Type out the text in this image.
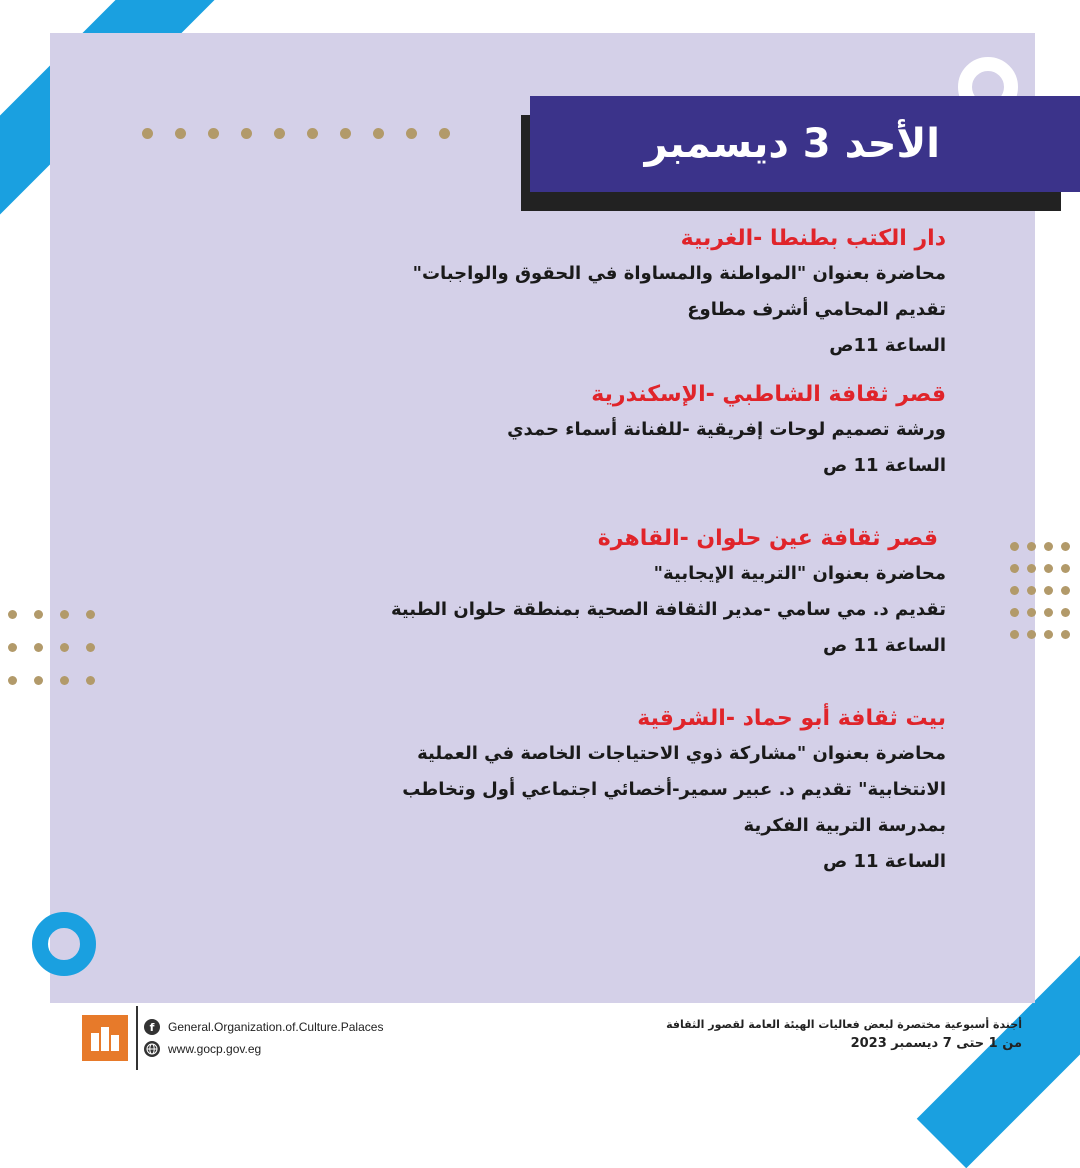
الأحد 3 ديسمبر

دار الكتب بطنطا -الغربية

محاضرة بعنوان "المواطنة والمساواة في الحقوق والواجبات"

تقديم المحامي أشرف مطاوع

الساعة 11ص

قصر ثقافة الشاطبي -الإسكندرية

ورشة تصميم لوحات إفريقية -للفنانة أسماء حمدي

الساعة 11 ص

قصر ثقافة عين حلوان -القاهرة

محاضرة بعنوان "التربية الإيجابية"

تقديم د. مي سامي -مدير الثقافة الصحية بمنطقة حلوان الطبية

الساعة 11 ص

بيت ثقافة أبو حماد -الشرقية

محاضرة بعنوان "مشاركة ذوي الاحتياجات الخاصة في العملية

الانتخابية" تقديم د. عبير سمير-أخصائي اجتماعي أول وتخاطب

بمدرسة التربية الفكرية

الساعة 11 ص

f	General.Organization.of.Culture.Palaces
www.gocp.gov.eg
أجندة أسبوعية مختصرة لبعض فعاليات الهيئة العامة لقصور الثقافة
من 1 حتى 7 ديسمبر 2023
